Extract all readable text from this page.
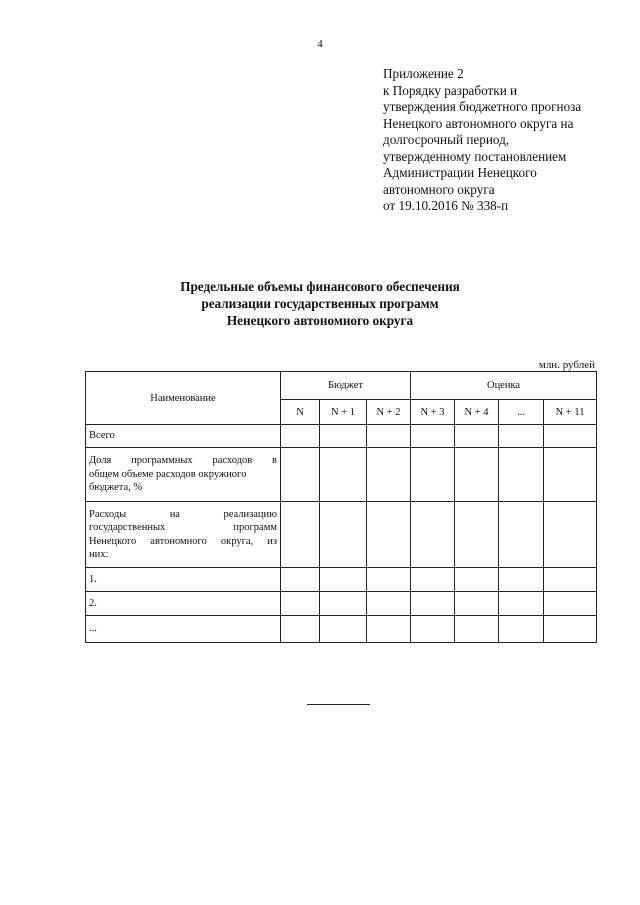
4
Приложение 2
к Порядку разработки и
утверждения бюджетного прогноза
Ненецкого автономного округа на
долгосрочный период,
утвержденному постановлением
Администрации Ненецкого
автономного округа
от 19.10.2016 № 338-п
Предельные объемы финансового обеспечения
реализации государственных программ
Ненецкого автономного округа
млн. рублей
Наименование	Бюджет			Оценка			
	N	N + 1	N + 2	N + 3	N + 4	...	N + 11

Всего							

Доля программных расходов в
общем объеме расходов окружного
бюджета, %							

Расходы на реализацию
государственных программ
Ненецкого автономного округа, из
них:							

1.							

2.							

...							
